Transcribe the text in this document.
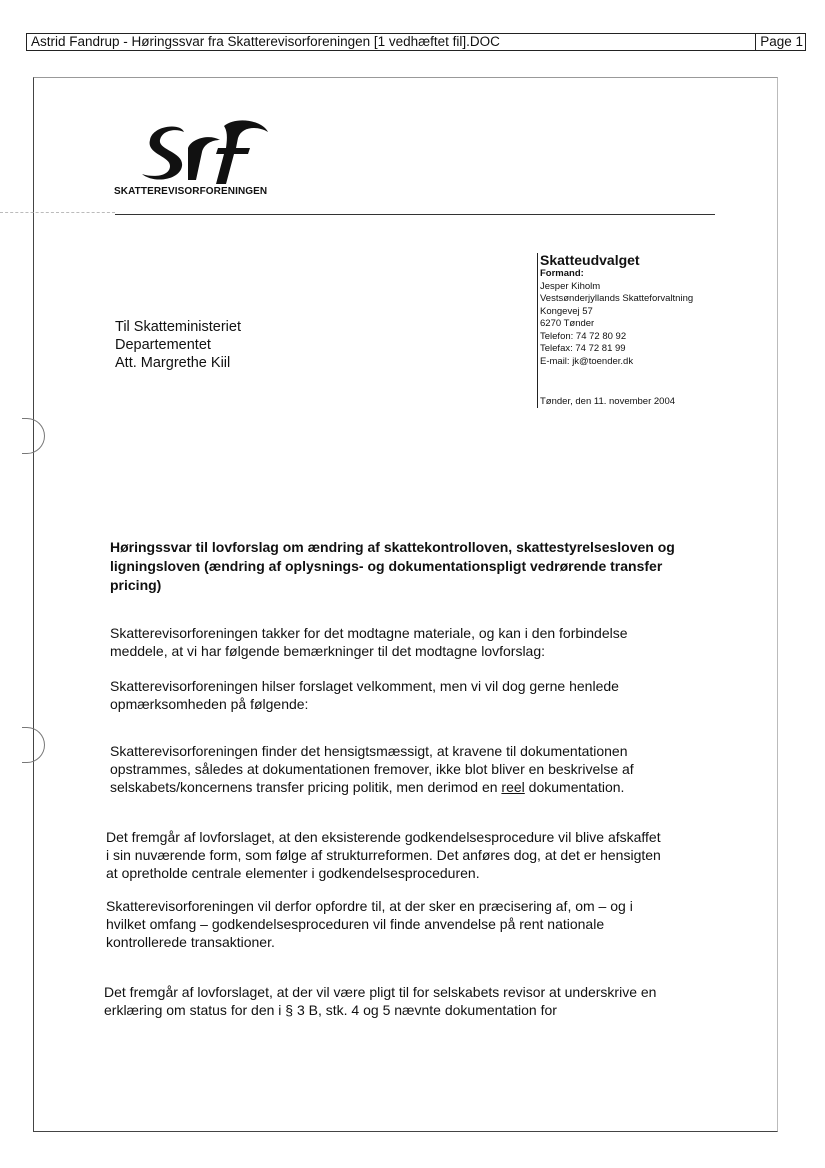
Astrid Fandrup - Høringssvar fra Skatterevisorforeningen [1 vedhæftet fil].DOC	Page 1
SKATTEREVISORFORENINGEN
Til Skatteministeriet
Departementet
Att. Margrethe Kiil
Skatteudvalget
Formand:
Jesper Kiholm
Vestsønderjyllands Skatteforvaltning
Kongevej 57
6270 Tønder
Telefon: 74 72 80 92
Telefax: 74 72 81 99
E-mail: jk@toender.dk
Tønder, den 11. november 2004
Høringssvar til lovforslag om ændring af skattekontrolloven, skattestyrelsesloven og ligningsloven (ændring af oplysnings- og dokumentationspligt vedrørende transfer pricing)
Skatterevisorforeningen takker for det modtagne materiale, og kan i den forbindelse
meddele, at vi har følgende bemærkninger til det modtagne lovforslag:
Skatterevisorforeningen hilser forslaget velkomment, men vi vil dog gerne henlede
opmærksomheden på følgende:
Skatterevisorforeningen finder det hensigtsmæssigt, at kravene til dokumentationen
opstrammes, således at dokumentationen fremover, ikke blot bliver en beskrivelse af
selskabets/koncernens transfer pricing politik, men derimod en reel dokumentation.
Det fremgår af lovforslaget, at den eksisterende godkendelsesprocedure vil blive afskaffet
i sin nuværende form, som følge af strukturreformen. Det anføres dog, at det er hensigten
at opretholde centrale elementer i godkendelsesproceduren.
Skatterevisorforeningen vil derfor opfordre til, at der sker en præcisering af, om – og i
hvilket omfang – godkendelsesproceduren vil finde anvendelse på rent nationale
kontrollerede transaktioner.
Det fremgår af lovforslaget, at der vil være pligt til for selskabets revisor at underskrive en
erklæring om status for den i § 3 B, stk. 4 og 5 nævnte dokumentation for
